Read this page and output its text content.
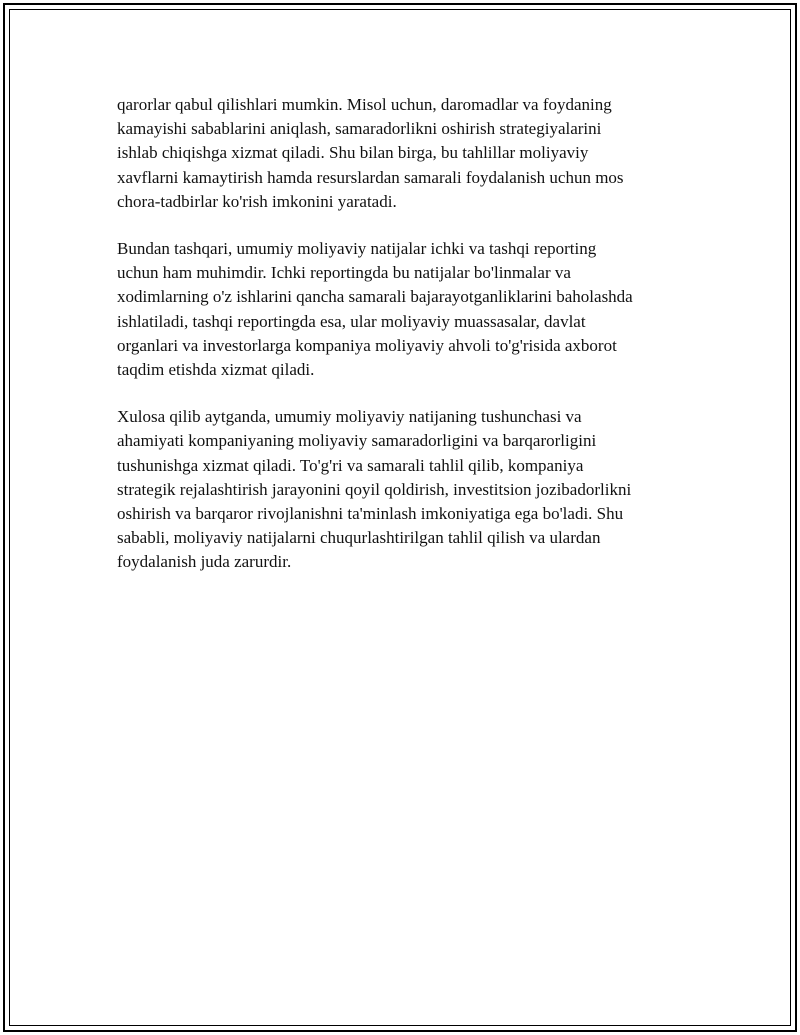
qarorlar qabul qilishlari mumkin. Misol uchun, daromadlar va foydaning
kamayishi sabablarini aniqlash, samaradorlikni oshirish strategiyalarini
ishlab chiqishga xizmat qiladi. Shu bilan birga, bu tahlillar moliyaviy
xavflarni kamaytirish hamda resurslardan samarali foydalanish uchun mos
chora-tadbirlar ko'rish imkonini yaratadi.

Bundan tashqari, umumiy moliyaviy natijalar ichki va tashqi reporting
uchun ham muhimdir. Ichki reportingda bu natijalar bo'linmalar va
xodimlarning o'z ishlarini qancha samarali bajarayotganliklarini baholashda
ishlatiladi, tashqi reportingda esa, ular moliyaviy muassasalar, davlat
organlari va investorlarga kompaniya moliyaviy ahvoli to'g'risida axborot
taqdim etishda xizmat qiladi.

Xulosa qilib aytganda, umumiy moliyaviy natijaning tushunchasi va
ahamiyati kompaniyaning moliyaviy samaradorligini va barqarorligini
tushunishga xizmat qiladi. To'g'ri va samarali tahlil qilib, kompaniya
strategik rejalashtirish jarayonini qoyil qoldirish, investitsion jozibadorlikni
oshirish va barqaror rivojlanishni ta'minlash imkoniyatiga ega bo'ladi. Shu
sababli, moliyaviy natijalarni chuqurlashtirilgan tahlil qilish va ulardan
foydalanish juda zarurdir.
